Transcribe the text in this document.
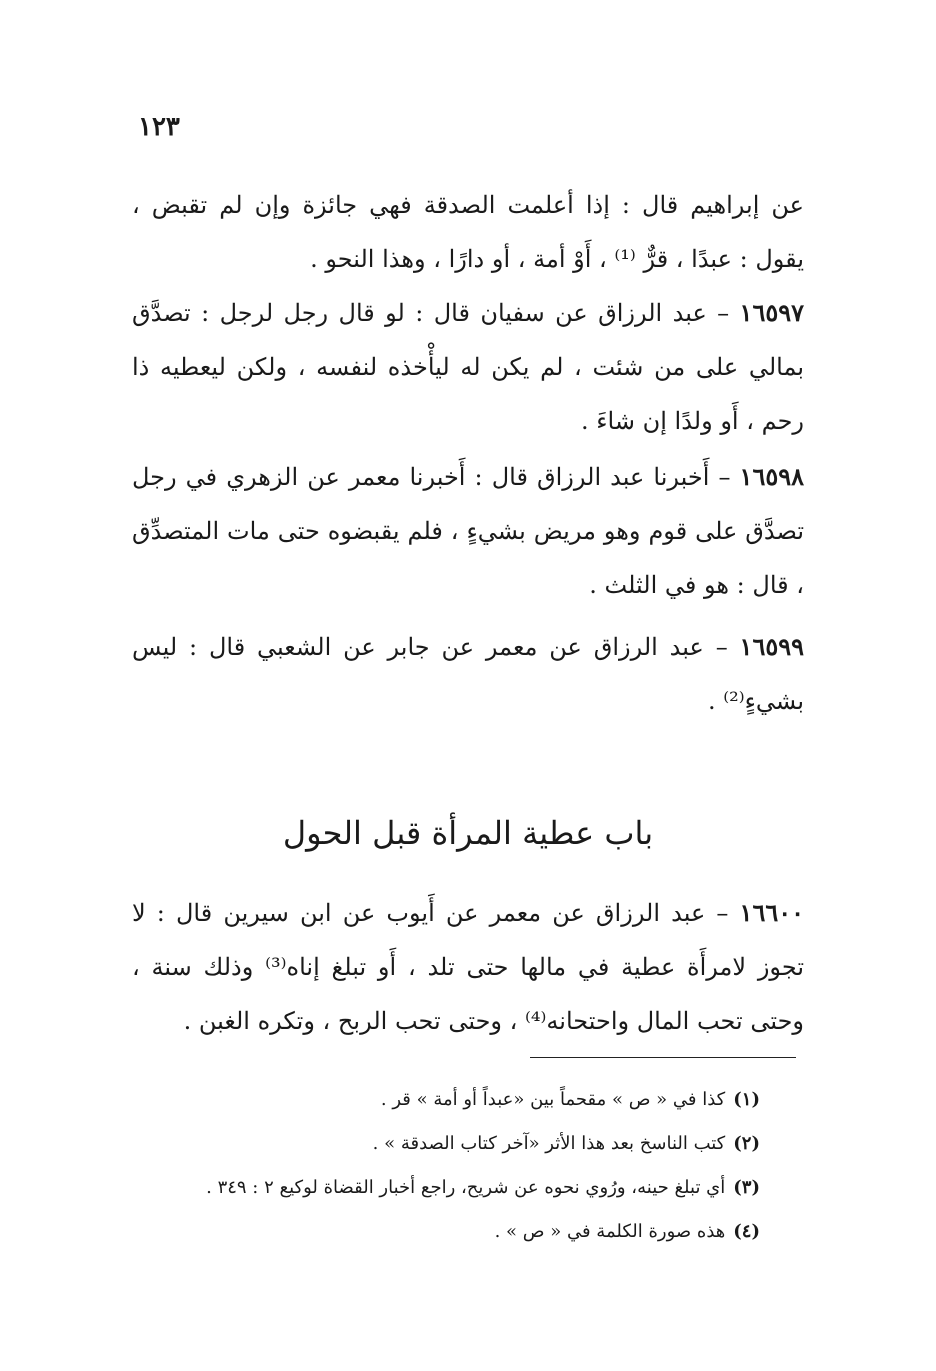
١٢٣
عن إبراهيم قال : إذا أعلمت الصدقة فهي جائزة وإن لم تقبض ، يقول : عبدًا ، قرٌّ ⁽¹⁾ ، أَوْ أمة ، أو دارًا ، وهذا النحو .
١٦٥٩٧ – عبد الرزاق عن سفيان قال : لو قال رجل لرجل : تصدَّق بمالي على من شئت ، لم يكن له ليأْخذه لنفسه ، ولكن ليعطيه ذا رحم ، أَو ولدًا إن شاءَ .
١٦٥٩٨ – أَخبرنا عبد الرزاق قال : أَخبرنا معمر عن الزهري في رجل تصدَّق على قوم وهو مريض بشيءٍ ، فلم يقبضوه حتى مات المتصدِّق ، قال : هو في الثلث .
١٦٥٩٩ – عبد الرزاق عن معمر عن جابر عن الشعبي قال : ليس بشيءٍ⁽²⁾ .
باب عطية المرأة قبل الحول
١٦٦٠٠ – عبد الرزاق عن معمر عن أَيوب عن ابن سيرين قال : لا تجوز لامرأَة عطية في مالها حتى تلد ، أَو تبلغ إناه⁽³⁾ وذلك سنة ، وحتى تحب المال واحتحانه⁽⁴⁾ ، وحتى تحب الربح ، وتكره الغبن .
(١)كذا في « ص » مقحماً بين «عبداً أو أمة » قر .
(٢)كتب الناسخ بعد هذا الأثر «آخر كتاب الصدقة » .
(٣)أي تبلغ حينه، ورُوي نحوه عن شريح، راجع أخبار القضاة لوكيع ٢ : ٣٤٩ .
(٤)هذه صورة الكلمة في « ص » .
